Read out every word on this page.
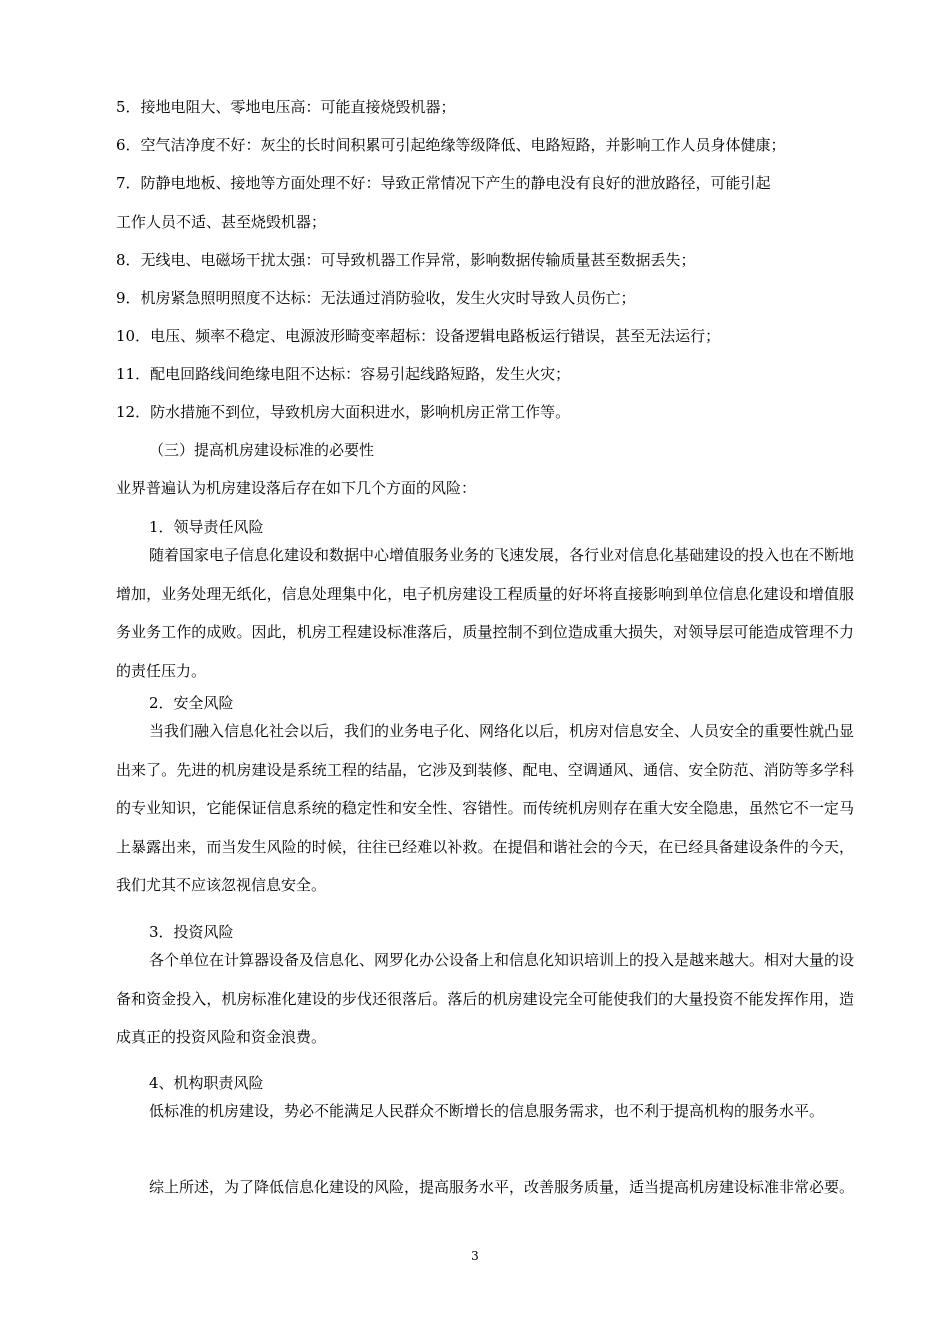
5．接地电阻大、零地电压高：可能直接烧毁机器；
6．空气洁净度不好：灰尘的长时间积累可引起绝缘等级降低、电路短路，并影响工作人员身体健康；
7．防静电地板、接地等方面处理不好：导致正常情况下产生的静电没有良好的泄放路径，可能引起
工作人员不适、甚至烧毁机器；
8．无线电、电磁场干扰太强：可导致机器工作异常，影响数据传输质量甚至数据丢失；
9．机房紧急照明照度不达标：无法通过消防验收，发生火灾时导致人员伤亡；
10．电压、频率不稳定、电源波形畸变率超标：设备逻辑电路板运行错误，甚至无法运行；
11．配电回路线间绝缘电阻不达标：容易引起线路短路，发生火灾；
12．防水措施不到位，导致机房大面积进水，影响机房正常工作等。
（三）提高机房建设标准的必要性
业界普遍认为机房建设落后存在如下几个方面的风险：
1．领导责任风险
随着国家电子信息化建设和数据中心增值服务业务的飞速发展，各行业对信息化基础建设的投入也在不断地增加，业务处理无纸化，信息处理集中化，电子机房建设工程质量的好坏将直接影响到单位信息化建设和增值服务业务工作的成败。因此，机房工程建设标准落后，质量控制不到位造成重大损失，对领导层可能造成管理不力的责任压力。
2．安全风险
当我们融入信息化社会以后，我们的业务电子化、网络化以后，机房对信息安全、人员安全的重要性就凸显出来了。先进的机房建设是系统工程的结晶，它涉及到装修、配电、空调通风、通信、安全防范、消防等多学科的专业知识，它能保证信息系统的稳定性和安全性、容错性。而传统机房则存在重大安全隐患，虽然它不一定马上暴露出来，而当发生风险的时候，往往已经难以补救。在提倡和谐社会的今天，在已经具备建设条件的今天，我们尤其不应该忽视信息安全。
3．投资风险
各个单位在计算器设备及信息化、网罗化办公设备上和信息化知识培训上的投入是越来越大。相对大量的设备和资金投入，机房标准化建设的步伐还很落后。落后的机房建设完全可能使我们的大量投资不能发挥作用，造成真正的投资风险和资金浪费。
4、机构职责风险
低标准的机房建设，势必不能满足人民群众不断增长的信息服务需求，也不利于提高机构的服务水平。
综上所述，为了降低信息化建设的风险，提高服务水平，改善服务质量，适当提高机房建设标准非常必要。
3
